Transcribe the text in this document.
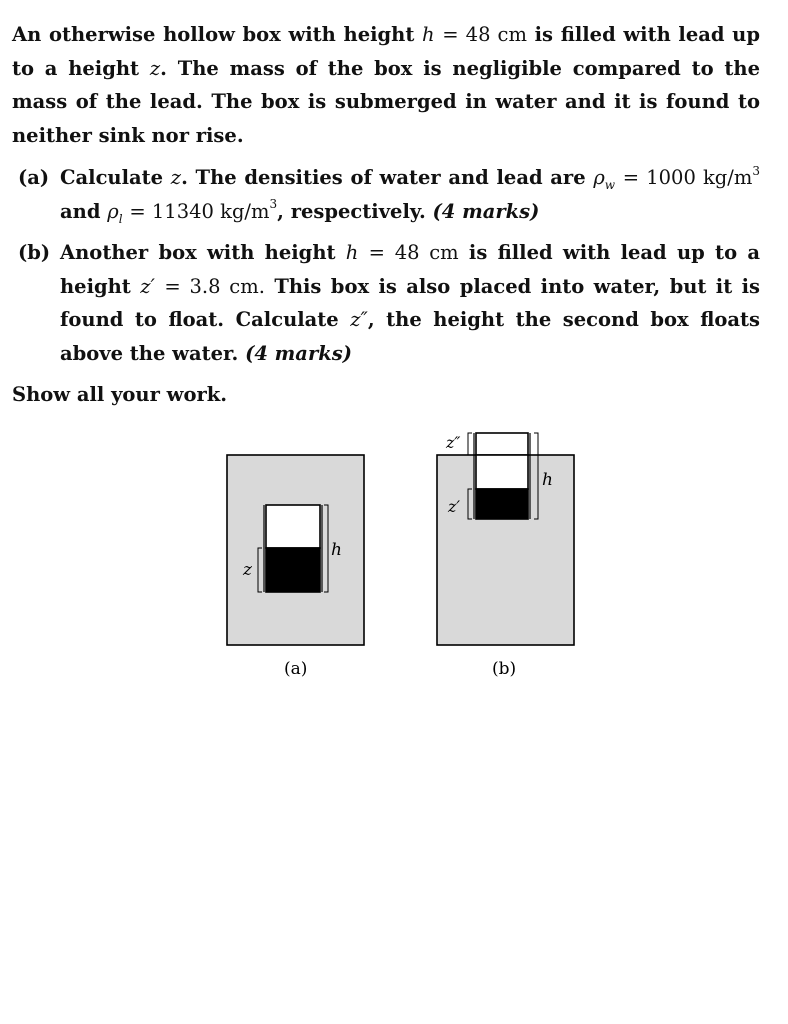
An otherwise hollow box with height h = 48 cm is filled with lead up to a height z. The mass of the box is negligible compared to the mass of the lead. The box is submerged in water and it is found to neither sink nor rise.
(a) Calculate z. The densities of water and lead are $\rho_w = 1000$ $kg/m^3$ and $\rho_l = 11340$ $kg/m^3$, respectively. (4 marks)
(b) Another box with height h = 48 cm is filled with lead up to a height z′ = 3.8 cm. This box is also placed into water, but it is found to float. Calculate z″, the height the second box floats above the water. (4 marks)
Show all your work.
h
z
(a)
h
z″
z′
(b)
